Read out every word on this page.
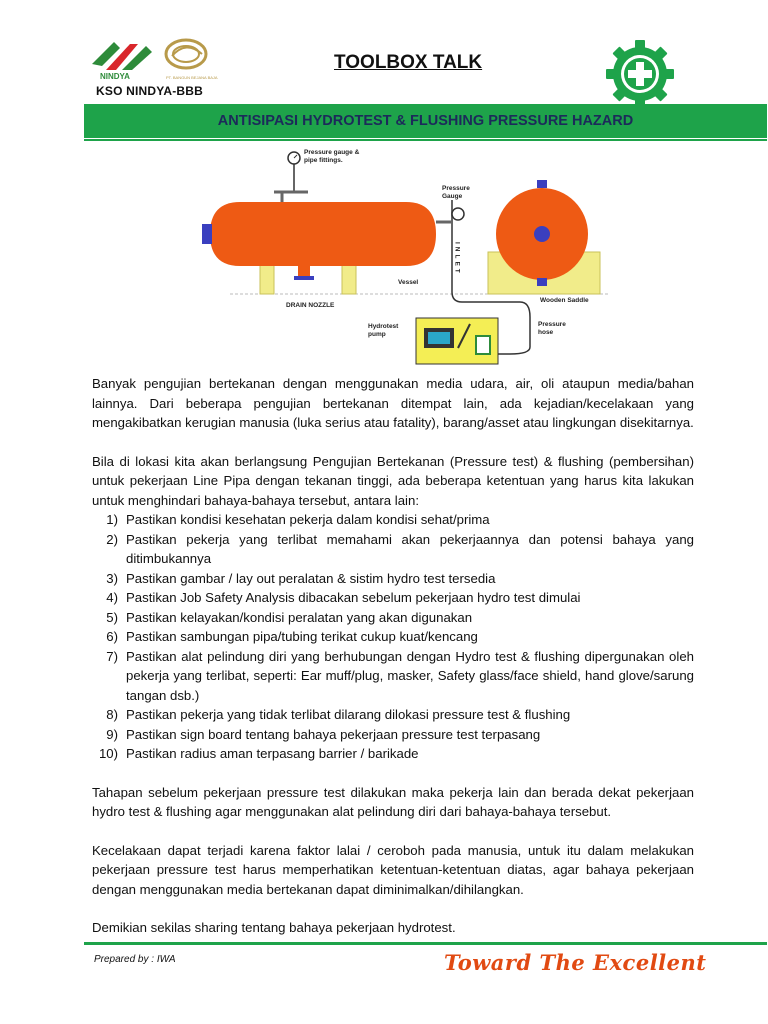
NINDYA	PT. BANGUN BEJANA BAJA
KSO NINDYA-BBB
TOOLBOX TALK
ANTISIPASI HYDROTEST & FLUSHING PRESSURE HAZARD
Pressure gauge &
pipe fittings.
Pressure
Gauge
INLET
Vessel
DRAIN NOZZLE
Wooden Saddle
Hydrotest
pump
Pressure
hose

Banyak pengujian bertekanan dengan menggunakan media udara, air, oli ataupun media/bahan lainnya. Dari beberapa pengujian bertekanan ditempat lain, ada kejadian/kecelakaan yang mengakibatkan kerugian manusia (luka serius atau fatality), barang/asset atau lingkungan disekitarnya.

Bila di lokasi kita akan berlangsung Pengujian Bertekanan (Pressure test) & flushing (pembersihan) untuk pekerjaan Line Pipa dengan tekanan tinggi, ada beberapa ketentuan yang harus kita lakukan untuk menghindari bahaya-bahaya tersebut, antara lain:

1) Pastikan kondisi kesehatan pekerja dalam kondisi sehat/prima
2) Pastikan pekerja yang terlibat memahami akan pekerjaannya dan potensi bahaya yang ditimbukannya
3) Pastikan gambar / lay out peralatan & sistim hydro test tersedia
4) Pastikan Job Safety Analysis dibacakan sebelum pekerjaan hydro test dimulai
5) Pastikan kelayakan/kondisi peralatan yang akan digunakan
6) Pastikan sambungan pipa/tubing terikat cukup kuat/kencang
7) Pastikan alat pelindung diri yang berhubungan dengan Hydro test & flushing dipergunakan oleh pekerja yang terlibat, seperti: Ear muff/plug, masker, Safety glass/face shield, hand glove/sarung tangan dsb.)
8) Pastikan pekerja yang tidak terlibat dilarang dilokasi pressure test & flushing
9) Pastikan sign board tentang bahaya pekerjaan pressure test terpasang
10) Pastikan radius aman terpasang barrier / barikade

Tahapan sebelum pekerjaan pressure test dilakukan maka pekerja lain dan berada dekat pekerjaan hydro test & flushing agar menggunakan alat pelindung diri dari bahaya-bahaya tersebut.

Kecelakaan dapat terjadi karena faktor lalai / ceroboh pada manusia, untuk itu dalam melakukan pekerjaan pressure test harus memperhatikan ketentuan-ketentuan diatas, agar bahaya pekerjaan dengan menggunakan media bertekanan dapat diminimalkan/dihilangkan.

Demikian sekilas sharing tentang bahaya pekerjaan hydrotest.

Prepared by : IWA	Toward The Excellent
